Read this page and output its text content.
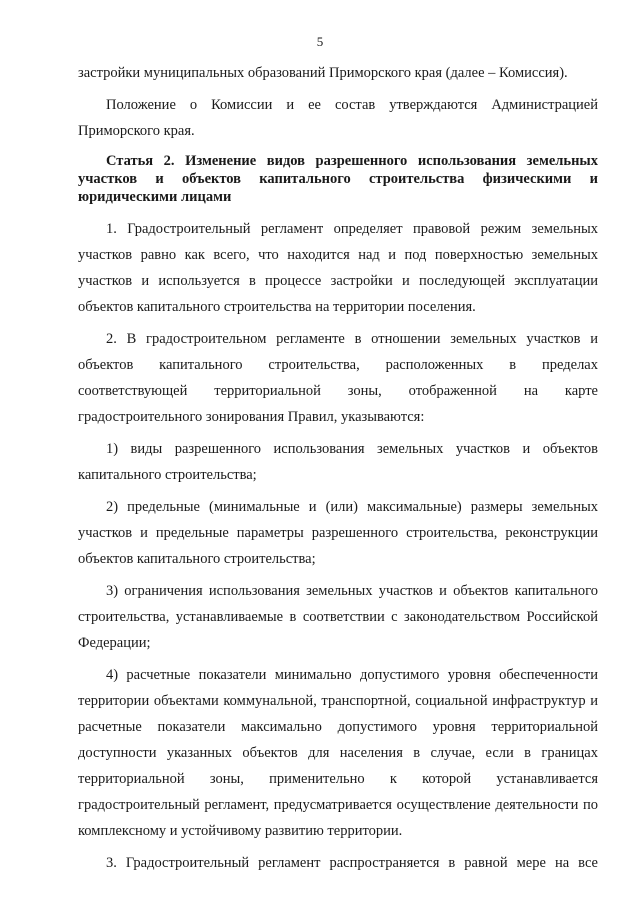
5

застройки муниципальных образований Приморского края (далее – Комиссия).

Положение о Комиссии и ее состав утверждаются Администрацией Приморского края.

Статья 2. Изменение видов разрешенного использования земельных участков и объектов капитального строительства физическими и юридическими лицами

1. Градостроительный регламент определяет правовой режим земельных участков равно как всего, что находится над и под поверхностью земельных участков и используется в процессе застройки и последующей эксплуатации объектов капитального строительства на территории поселения.

2. В градостроительном регламенте в отношении земельных участков и объектов капитального строительства, расположенных в пределах соответствующей территориальной зоны, отображенной на карте градостроительного зонирования Правил, указываются:

1) виды разрешенного использования земельных участков и объектов капитального строительства;

2) предельные (минимальные и (или) максимальные) размеры земельных участков и предельные параметры разрешенного строительства, реконструкции объектов капитального строительства;

3) ограничения использования земельных участков и объектов капитального строительства, устанавливаемые в соответствии с законодательством Российской Федерации;

4) расчетные показатели минимально допустимого уровня обеспеченности территории объектами коммунальной, транспортной, социальной инфраструктур и расчетные показатели максимально допустимого уровня территориальной доступности указанных объектов для населения в случае, если в границах территориальной зоны, применительно к которой устанавливается градостроительный регламент, предусматривается осуществление деятельности по комплексному и устойчивому развитию территории.

3. Градостроительный регламент распространяется в равной мере на все
